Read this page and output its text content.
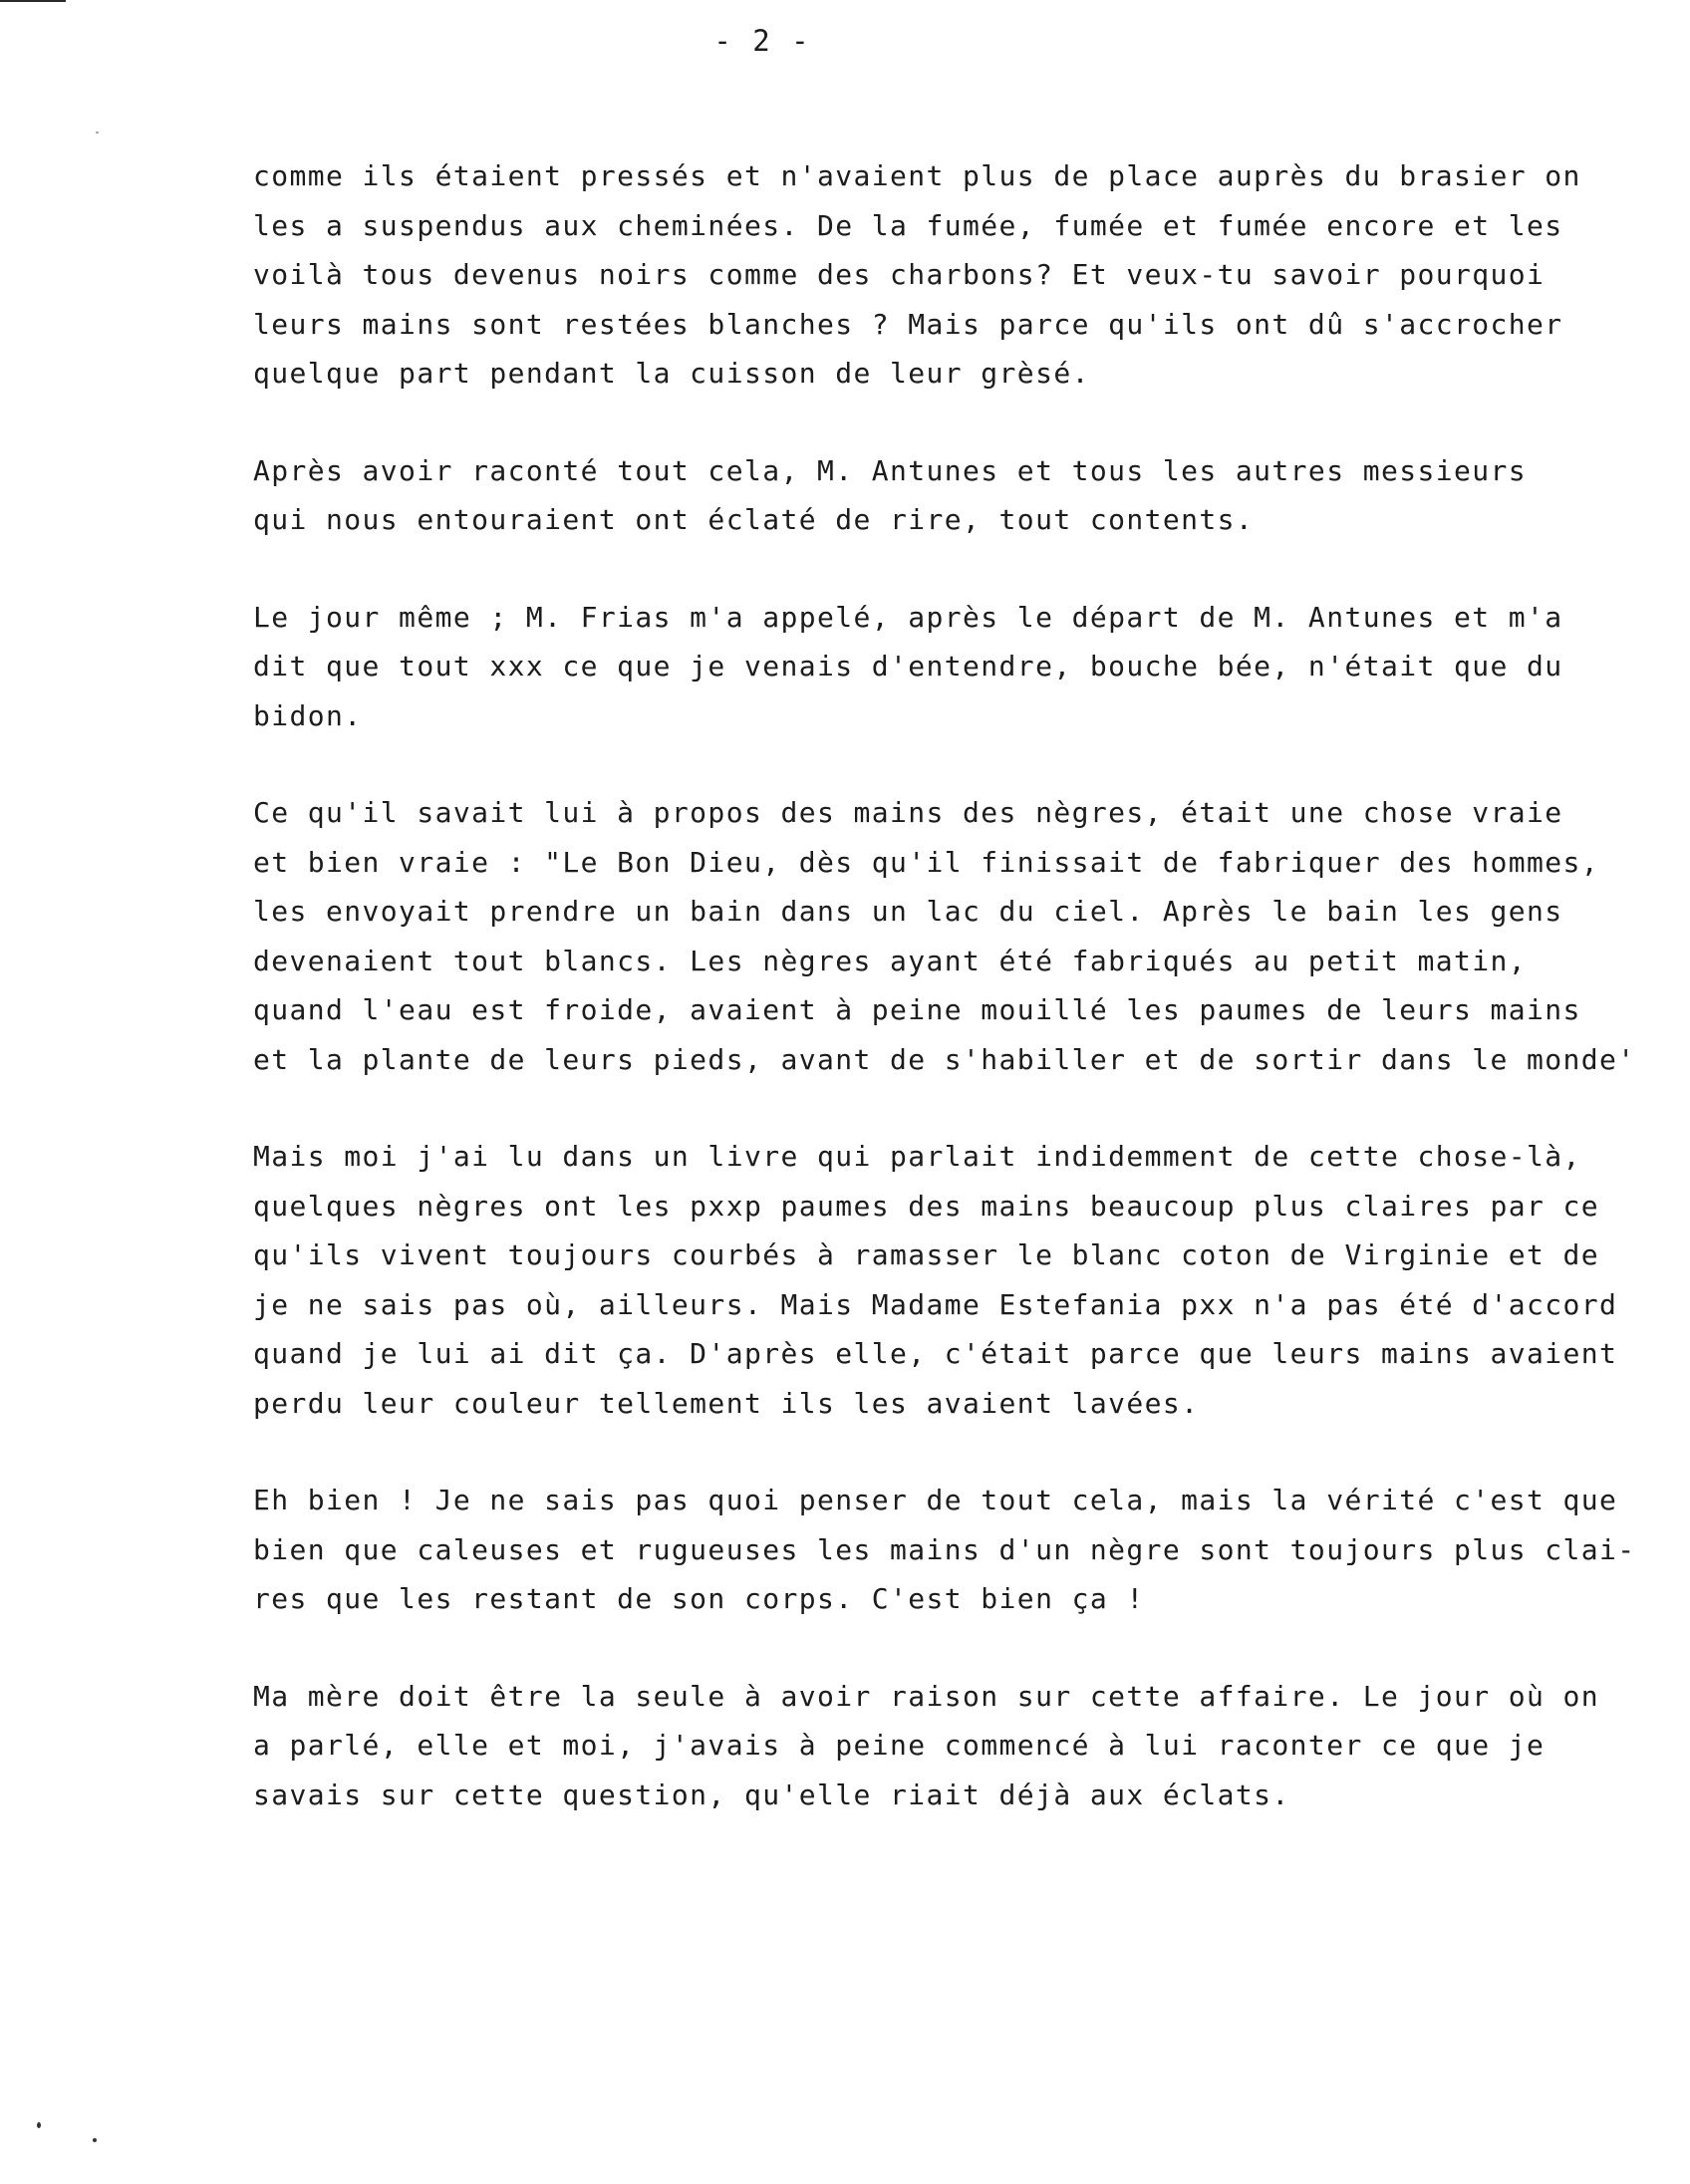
- 2 -
comme ils étaient pressés et n'avaient plus de place auprès du brasier on
les a suspendus aux cheminées. De la fumée, fumée et fumée encore et les
voilà tous devenus noirs comme des charbons? Et veux-tu savoir pourquoi
leurs mains sont restées blanches ? Mais parce qu'ils ont dû s'accrocher
quelque part pendant la cuisson de leur grèsé.
Après avoir raconté tout cela, M. Antunes et tous les autres messieurs
qui nous entouraient ont éclaté de rire, tout contents.
Le jour même ; M. Frias m'a appelé, après le départ de M. Antunes et m'a
dit que tout xxx ce que je venais d'entendre, bouche bée, n'était que du
bidon.
Ce qu'il savait lui à propos des mains des nègres, était une chose vraie
et bien vraie : "Le Bon Dieu, dès qu'il finissait de fabriquer des hommes,
les envoyait prendre un bain dans un lac du ciel. Après le bain les gens
devenaient tout blancs. Les nègres ayant été fabriqués au petit matin,
quand l'eau est froide, avaient à peine mouillé les paumes de leurs mains
et la plante de leurs pieds, avant de s'habiller et de sortir dans le monde'
Mais moi j'ai lu dans un livre qui parlait indidemment de cette chose-là,
quelques nègres ont les pxxp paumes des mains beaucoup plus claires par ce
qu'ils vivent toujours courbés à ramasser le blanc coton de Virginie et de
je ne sais pas où, ailleurs. Mais Madame Estefania pxx n'a pas été d'accord
quand je lui ai dit ça. D'après elle, c'était parce que leurs mains avaient
perdu leur couleur tellement ils les avaient lavées.
Eh bien ! Je ne sais pas quoi penser de tout cela, mais la vérité c'est que
bien que caleuses et rugueuses les mains d'un nègre sont toujours plus clai-
res que les restant de son corps. C'est bien ça !
Ma mère doit être la seule à avoir raison sur cette affaire. Le jour où on
a parlé, elle et moi, j'avais à peine commencé à lui raconter ce que je
savais sur cette question, qu'elle riait déjà aux éclats.
